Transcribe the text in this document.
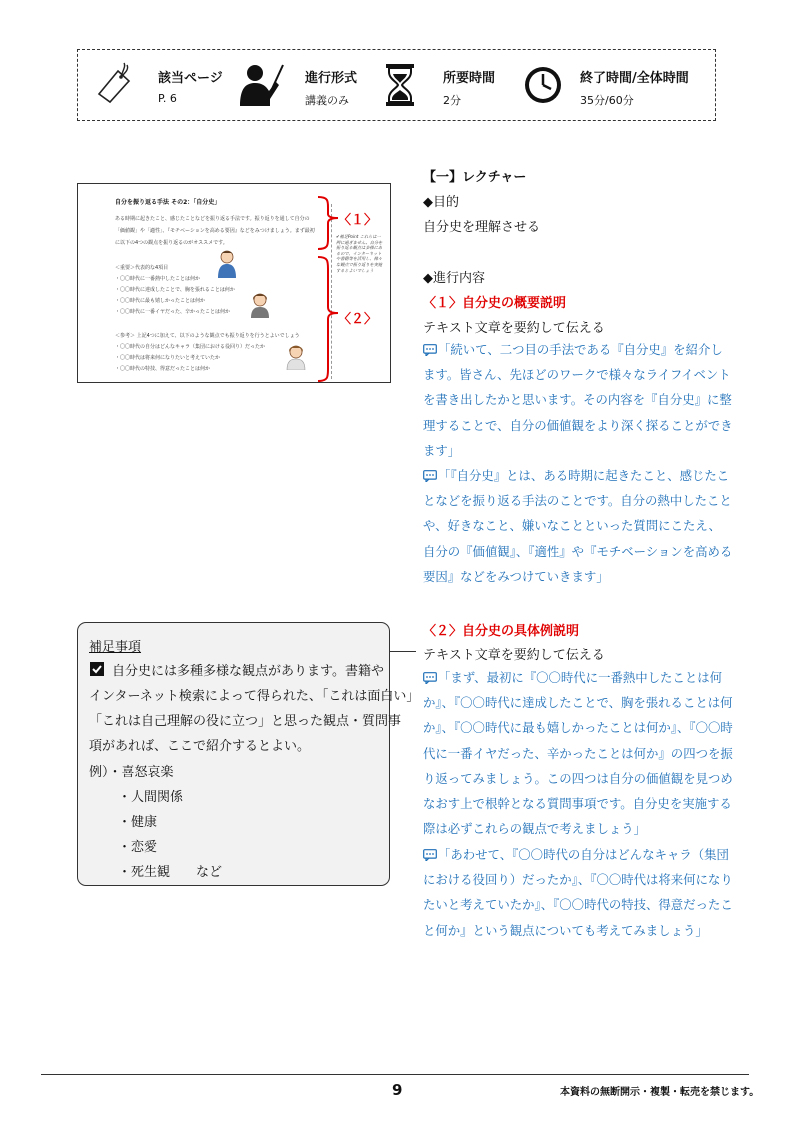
該当ページ
P. 6
進行形式
講義のみ
所要時間
2分
終了時間/全体時間
35分/60分
自分を振り返る手法 その2：「自分史」
ある時期に起きたこと、感じたことなどを振り返る手法です。振り返りを通して自分の
「価値観」や「適性」、『モチベーションを高める要因』などをみつけましょう。まず最初
に以下の4つの観点を振り返るのがオススメです。
＜重要＞代表的な4項目
・〇〇時代に一番熱中したことは何か
・〇〇時代に達成したことで、胸を張れることは何か
・〇〇時代に最も嬉しかったことは何か
・〇〇時代に一番イヤだった、辛かったことは何か
＜参考＞ 上記4つに加えて、以下のような観点でも振り返りを行うとよいでしょう
・〇〇時代の自分はどんなキャラ（集団における役回り）だったか
・〇〇時代は将来何になりたいと考えていたか
・〇〇時代の特技、得意だったことは何か
✔補足Point これらは一例に過ぎません。自分を振り返る観点は多様にあるので、インターネットや書籍等を活用し、様々な観点で振り返りを実施するとよいでしょう
〈１〉
〈２〉
【一】レクチャー
◆目的
自分史を理解させる
◆進行内容
〈１〉自分史の概要説明
テキスト文章を要約して伝える
「続いて、二つ目の手法である『自分史』を紹介します。皆さん、先ほどのワークで様々なライフイベントを書き出したかと思います。その内容を『自分史』に整理することで、自分の価値観をより深く探ることができます」
「『自分史』とは、ある時期に起きたこと、感じたことなどを振り返る手法のことです。自分の熱中したことや、好きなこと、嫌いなことといった質問にこたえ、自分の『価値観』、『適性』や『モチベーションを高める要因』などをみつけていきます」
〈２〉自分史の具体例説明
テキスト文章を要約して伝える
「まず、最初に『〇〇時代に一番熱中したことは何か』、『〇〇時代に達成したことで、胸を張れることは何か』、『〇〇時代に最も嬉しかったことは何か』、『〇〇時代に一番イヤだった、辛かったことは何か』の四つを振り返ってみましょう。この四つは自分の価値観を見つめなおす上で根幹となる質問事項です。自分史を実施する際は必ずこれらの観点で考えましょう」
「あわせて、『〇〇時代の自分はどんなキャラ（集団における役回り）だったか』、『〇〇時代は将来何になりたいと考えていたか』、『〇〇時代の特技、得意だったこと何か』という観点についても考えてみましょう」
補足事項
自分史には多種多様な観点があります。書籍や
インターネット検索によって得られた、「これは面白い」
「これは自己理解の役に立つ」と思った観点・質問事
項があれば、ここで紹介するとよい。
例）・喜怒哀楽
・人間関係
・健康
・恋愛
・死生観　　など
9	本資料の無断開示・複製・転売を禁じます。
